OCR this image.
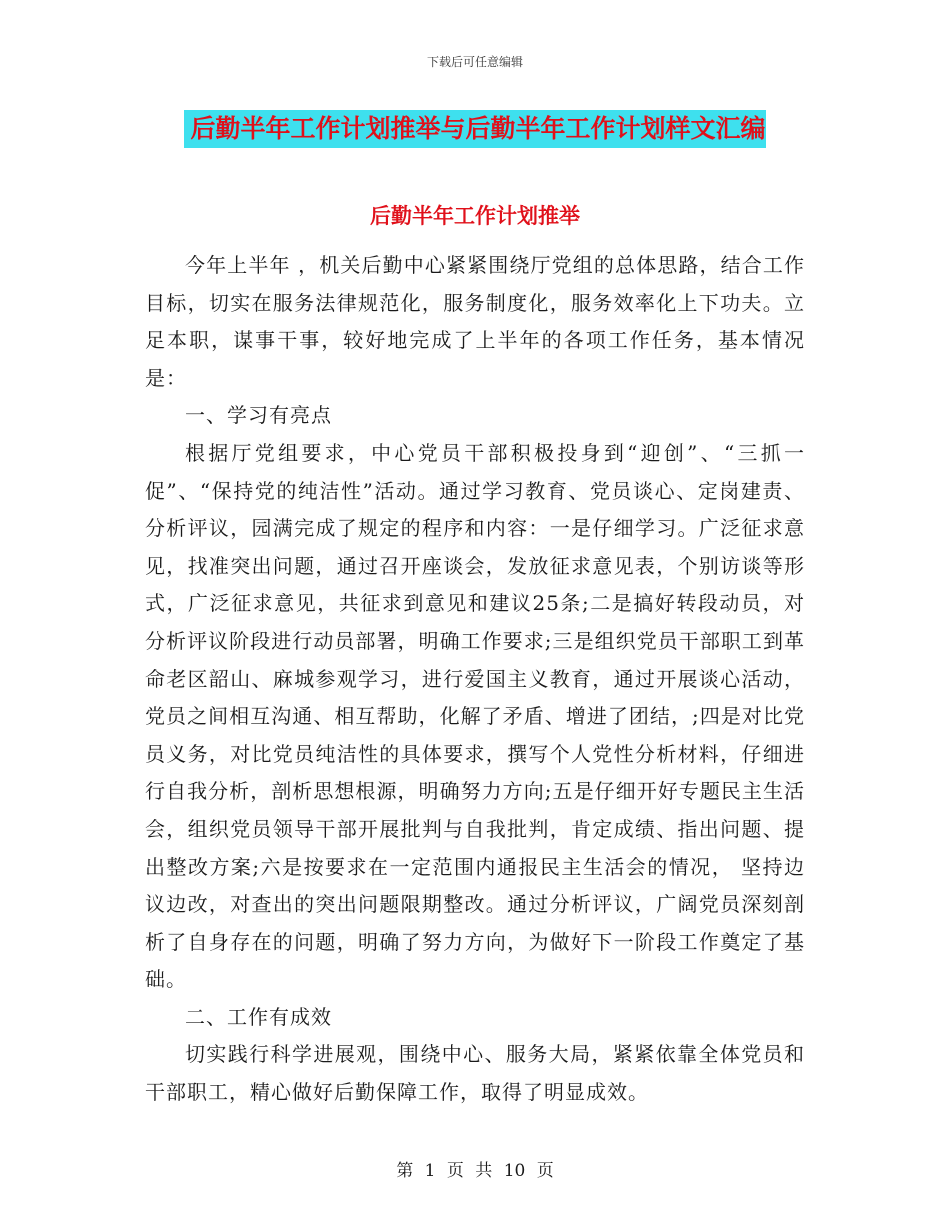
下载后可任意编辑
后勤半年工作计划推举与后勤半年工作计划样文汇编
后勤半年工作计划推举

今年上半年 ，机关后勤中心紧紧围绕厅党组的总体思路，结合工作目标，切实在服务法律规范化，服务制度化，服务效率化上下功夫。立足本职，谋事干事，较好地完成了上半年的各项工作任务，基本情况是：

一、学习有亮点

根据厅党组要求，中心党员干部积极投身到“迎创”、“三抓一促”、“保持党的纯洁性”活动。通过学习教育、党员谈心、定岗建责、分析评议，园满完成了规定的程序和内容：一是仔细学习。广泛征求意见，找准突出问题，通过召开座谈会，发放征求意见表，个别访谈等形式，广泛征求意见，共征求到意见和建议25条;二是搞好转段动员，对分析评议阶段进行动员部署，明确工作要求;三是组织党员干部职工到革命老区韶山、麻城参观学习，进行爱国主义教育，通过开展谈心活动，党员之间相互沟通、相互帮助，化解了矛盾、增进了团结，;四是对比党员义务，对比党员纯洁性的具体要求，撰写个人党性分析材料，仔细进行自我分析，剖析思想根源，明确努力方向;五是仔细开好专题民主生活会，组织党员领导干部开展批判与自我批判，肯定成绩、指出问题、提出整改方案;六是按要求在一定范围内通报民主生活会的情况， 坚持边议边改，对查出的突出问题限期整改。通过分析评议，广阔党员深刻剖析了自身存在的问题，明确了努力方向，为做好下一阶段工作奠定了基础。

二、工作有成效

切实践行科学进展观，围绕中心、服务大局，紧紧依靠全体党员和干部职工，精心做好后勤保障工作，取得了明显成效。

第 1 页 共 10 页
